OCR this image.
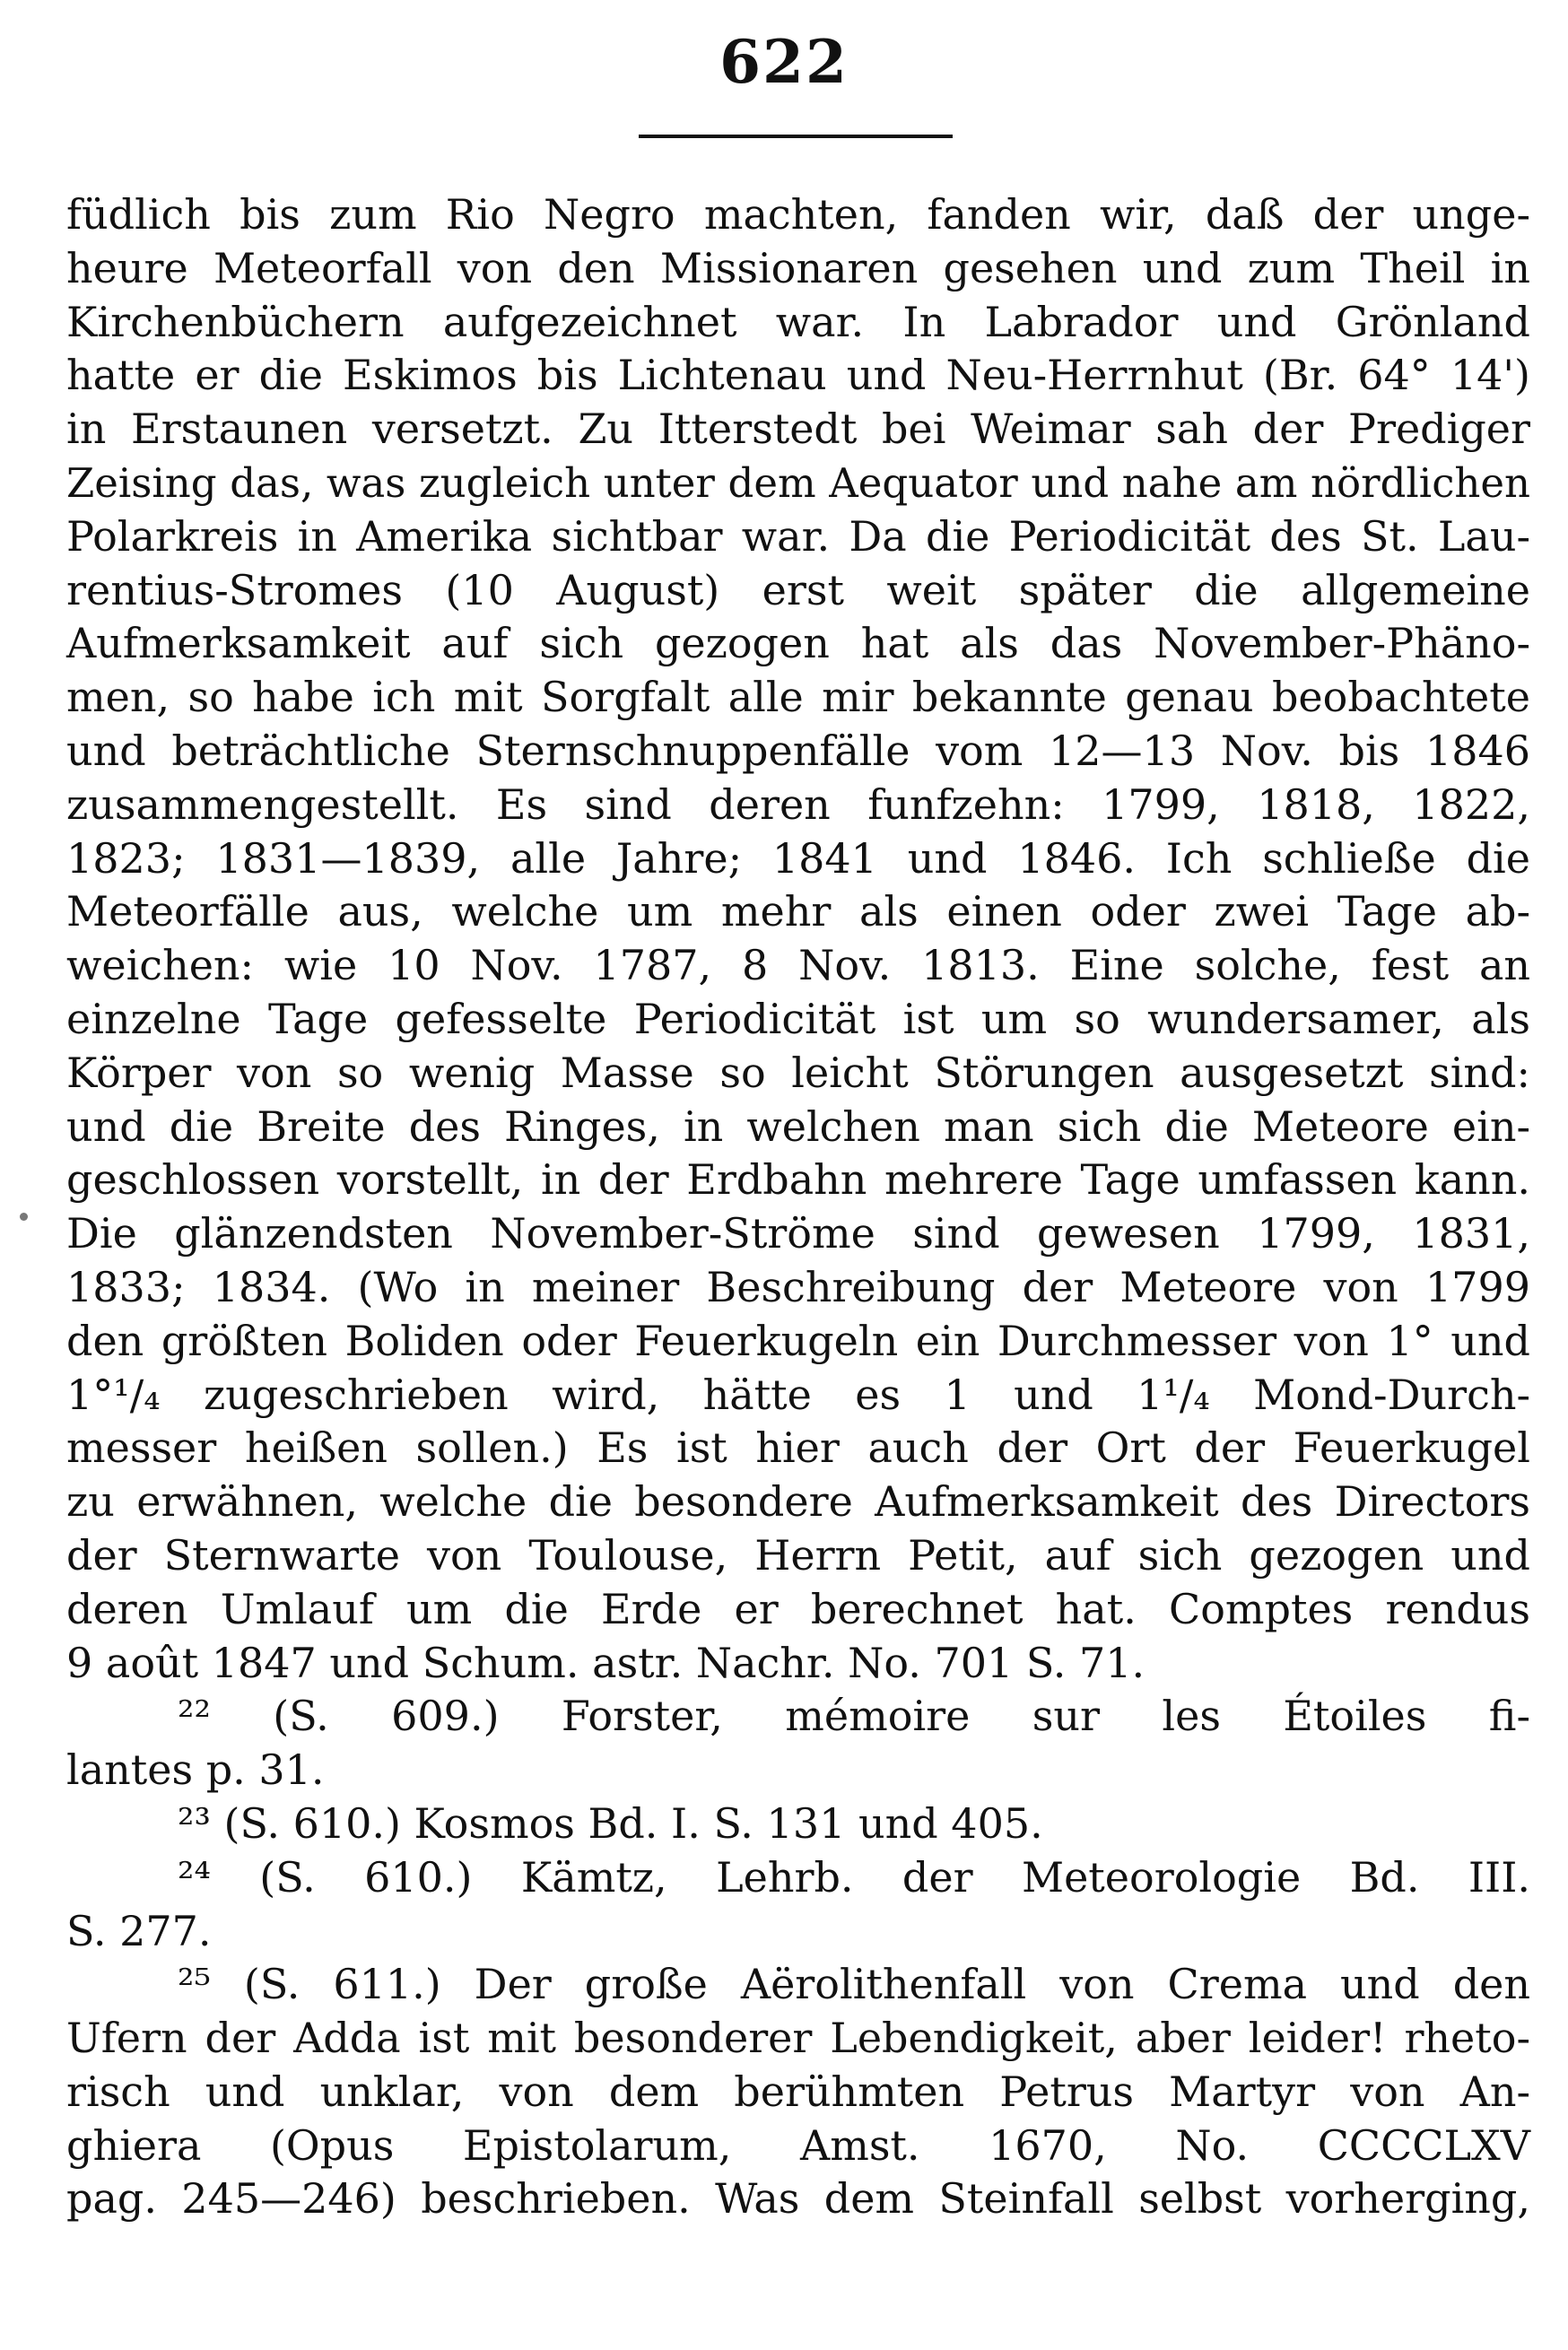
622
füdlich bis zum Rio Negro machten, fanden wir, daß der unge-
heure Meteorfall von den Missionaren gesehen und zum Theil in
Kirchenbüchern aufgezeichnet war. In Labrador und Grönland
hatte er die Eskimos bis Lichtenau und Neu-Herrnhut (Br. 64° 14')
in Erstaunen versetzt. Zu Itterstedt bei Weimar sah der Prediger
Zeising das, was zugleich unter dem Aequator und nahe am nördlichen
Polarkreis in Amerika sichtbar war. Da die Periodicität des St. Lau-
rentius-Stromes (10 August) erst weit später die allgemeine
Aufmerksamkeit auf sich gezogen hat als das November-Phäno-
men, so habe ich mit Sorgfalt alle mir bekannte genau beobachtete
und beträchtliche Sternschnuppenfälle vom 12—13 Nov. bis 1846
zusammengestellt. Es sind deren funfzehn: 1799, 1818, 1822,
1823; 1831—1839, alle Jahre; 1841 und 1846. Ich schließe die
Meteorfälle aus, welche um mehr als einen oder zwei Tage ab-
weichen: wie 10 Nov. 1787, 8 Nov. 1813. Eine solche, fest an
einzelne Tage gefesselte Periodicität ist um so wundersamer, als
Körper von so wenig Masse so leicht Störungen ausgesetzt sind:
und die Breite des Ringes, in welchen man sich die Meteore ein-
geschlossen vorstellt, in der Erdbahn mehrere Tage umfassen kann.
Die glänzendsten November-Ströme sind gewesen 1799, 1831,
1833; 1834. (Wo in meiner Beschreibung der Meteore von 1799
den größten Boliden oder Feuerkugeln ein Durchmesser von 1° und
1°¹/₄ zugeschrieben wird, hätte es 1 und 1¹/₄ Mond-Durch-
messer heißen sollen.) Es ist hier auch der Ort der Feuerkugel
zu erwähnen, welche die besondere Aufmerksamkeit des Directors
der Sternwarte von Toulouse, Herrn Petit, auf sich gezogen und
deren Umlauf um die Erde er berechnet hat. Comptes rendus
9 août 1847 und Schum. astr. Nachr. No. 701 S. 71.
²² (S. 609.) Forster, mémoire sur les Étoiles fi-
lantes p. 31.
²³ (S. 610.) Kosmos Bd. I. S. 131 und 405.
²⁴ (S. 610.) Kämtz, Lehrb. der Meteorologie Bd. III.
S. 277.
²⁵ (S. 611.) Der große Aërolithenfall von Crema und den
Ufern der Adda ist mit besonderer Lebendigkeit, aber leider! rheto-
risch und unklar, von dem berühmten Petrus Martyr von An-
ghiera (Opus Epistolarum, Amst. 1670, No. CCCCLXV
pag. 245—246) beschrieben. Was dem Steinfall selbst vorherging,
